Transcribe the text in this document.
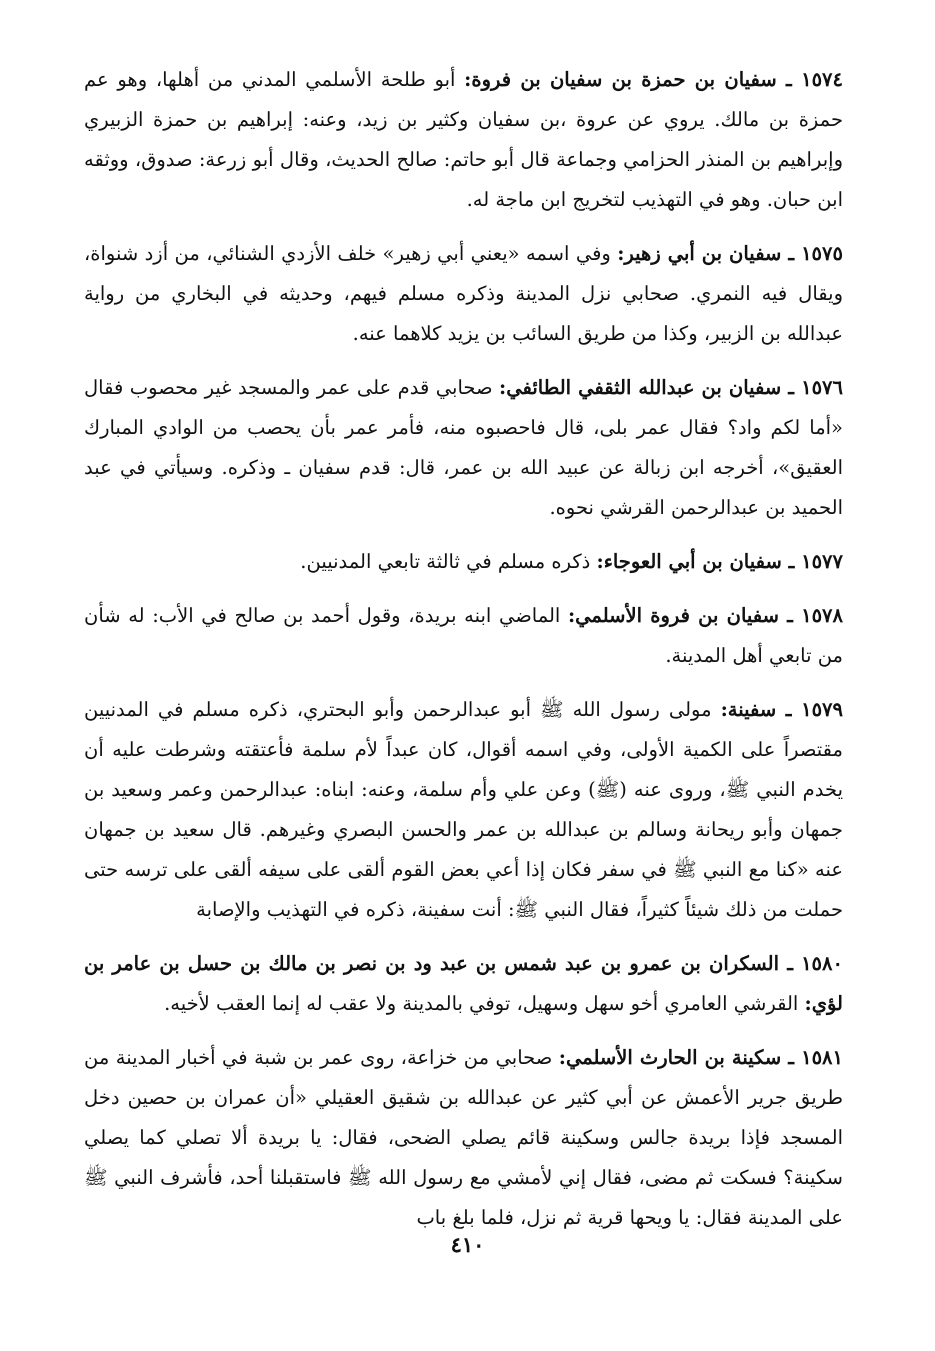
١٥٧٤ ـ سفيان بن حمزة بن سفيان بن فروة: أبو طلحة الأسلمي المدني من أهلها، وهو عم حمزة بن مالك. يروي عن عروة ،بن سفيان وكثير بن زيد، وعنه: إبراهيم بن حمزة الزبيري وإبراهيم بن المنذر الحزامي وجماعة قال أبو حاتم: صالح الحديث، وقال أبو زرعة: صدوق، ووثقه ابن حبان. وهو في التهذيب لتخريج ابن ماجة له.

١٥٧٥ ـ سفيان بن أبي زهير: وفي اسمه «يعني أبي زهير» خلف الأزدي الشنائي، من أزد شنواة، ويقال فيه النمري. صحابي نزل المدينة وذكره مسلم فيهم، وحديثه في البخاري من رواية عبدالله بن الزبير، وكذا من طريق السائب بن يزيد كلاهما عنه.

١٥٧٦ ـ سفيان بن عبدالله الثقفي الطائفي: صحابي قدم على عمر والمسجد غير محصوب فقال «أما لكم واد؟ فقال عمر بلى، قال فاحصبوه منه، فأمر عمر بأن يحصب من الوادي المبارك العقيق»، أخرجه ابن زبالة عن عبيد الله بن عمر، قال: قدم سفيان ـ وذكره. وسيأتي في عبد الحميد بن عبدالرحمن القرشي نحوه.

١٥٧٧ ـ سفيان بن أبي العوجاء: ذكره مسلم في ثالثة تابعي المدنيين.

١٥٧٨ ـ سفيان بن فروة الأسلمي: الماضي ابنه بريدة، وقول أحمد بن صالح في الأب: له شأن من تابعي أهل المدينة.

١٥٧٩ ـ سفينة: مولى رسول الله ﷺ أبو عبدالرحمن وأبو البحتري، ذكره مسلم في المدنيين مقتصراً على الكمية الأولى، وفي اسمه أقوال، كان عبداً لأم سلمة فأعتقته وشرطت عليه أن يخدم النبي ﷺ، وروى عنه (ﷺ) وعن علي وأم سلمة، وعنه: ابناه: عبدالرحمن وعمر وسعيد بن جمهان وأبو ريحانة وسالم بن عبدالله بن عمر والحسن البصري وغيرهم. قال سعيد بن جمهان عنه «كنا مع النبي ﷺ في سفر فكان إذا أعي بعض القوم ألقى على سيفه ألقى على ترسه حتى حملت من ذلك شيئاً كثيراً، فقال النبي ﷺ: أنت سفينة، ذكره في التهذيب والإصابة

١٥٨٠ ـ السكران بن عمرو بن عبد شمس بن عبد ود بن نصر بن مالك بن حسل بن عامر بن لؤي: القرشي العامري أخو سهل وسهيل، توفي بالمدينة ولا عقب له إنما العقب لأخيه.

١٥٨١ ـ سكينة بن الحارث الأسلمي: صحابي من خزاعة، روى عمر بن شبة في أخبار المدينة من طريق جرير الأعمش عن أبي كثير عن عبدالله بن شقيق العقيلي «أن عمران بن حصين دخل المسجد فإذا بريدة جالس وسكينة قائم يصلي الضحى، فقال: يا بريدة ألا تصلي كما يصلي سكينة؟ فسكت ثم مضى، فقال إني لأمشي مع رسول الله ﷺ فاستقبلنا أحد، فأشرف النبي ﷺ على المدينة فقال: يا ويحها قرية ثم نزل، فلما بلغ باب

٤١٠
